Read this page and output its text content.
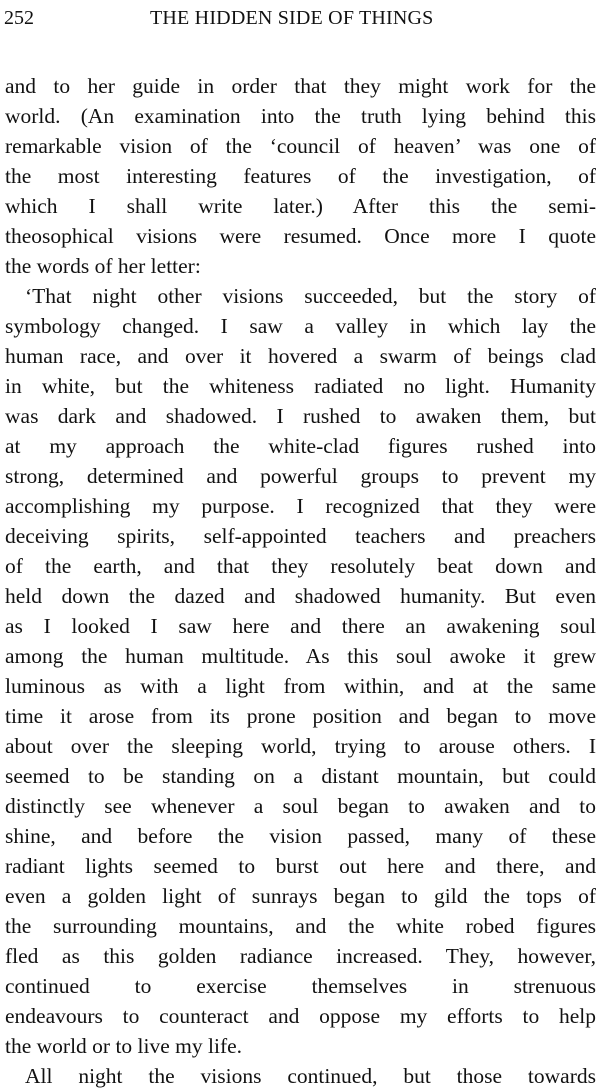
252	THE HIDDEN SIDE OF THINGS
and to her guide in order that they might work for the
world. (An examination into the truth lying behind this
remarkable vision of the ‘council of heaven’ was one of
the most interesting features of the investigation, of
which I shall write later.) After this the semi-
theosophical visions were resumed. Once more I quote
the words of her letter:
‘That night other visions succeeded, but the story of
symbology changed. I saw a valley in which lay the
human race, and over it hovered a swarm of beings clad
in white, but the whiteness radiated no light. Humanity
was dark and shadowed. I rushed to awaken them, but
at my approach the white-clad figures rushed into
strong, determined and powerful groups to prevent my
accomplishing my purpose. I recognized that they were
deceiving spirits, self-appointed teachers and preachers
of the earth, and that they resolutely beat down and
held down the dazed and shadowed humanity. But even
as I looked I saw here and there an awakening soul
among the human multitude. As this soul awoke it grew
luminous as with a light from within, and at the same
time it arose from its prone position and began to move
about over the sleeping world, trying to arouse others. I
seemed to be standing on a distant mountain, but could
distinctly see whenever a soul began to awaken and to
shine, and before the vision passed, many of these
radiant lights seemed to burst out here and there, and
even a golden light of sunrays began to gild the tops of
the surrounding mountains, and the white robed figures
fled as this golden radiance increased. They, however,
continued to exercise themselves in strenuous
endeavours to counteract and oppose my efforts to help
the world or to live my life.
All night the visions continued, but those towards
